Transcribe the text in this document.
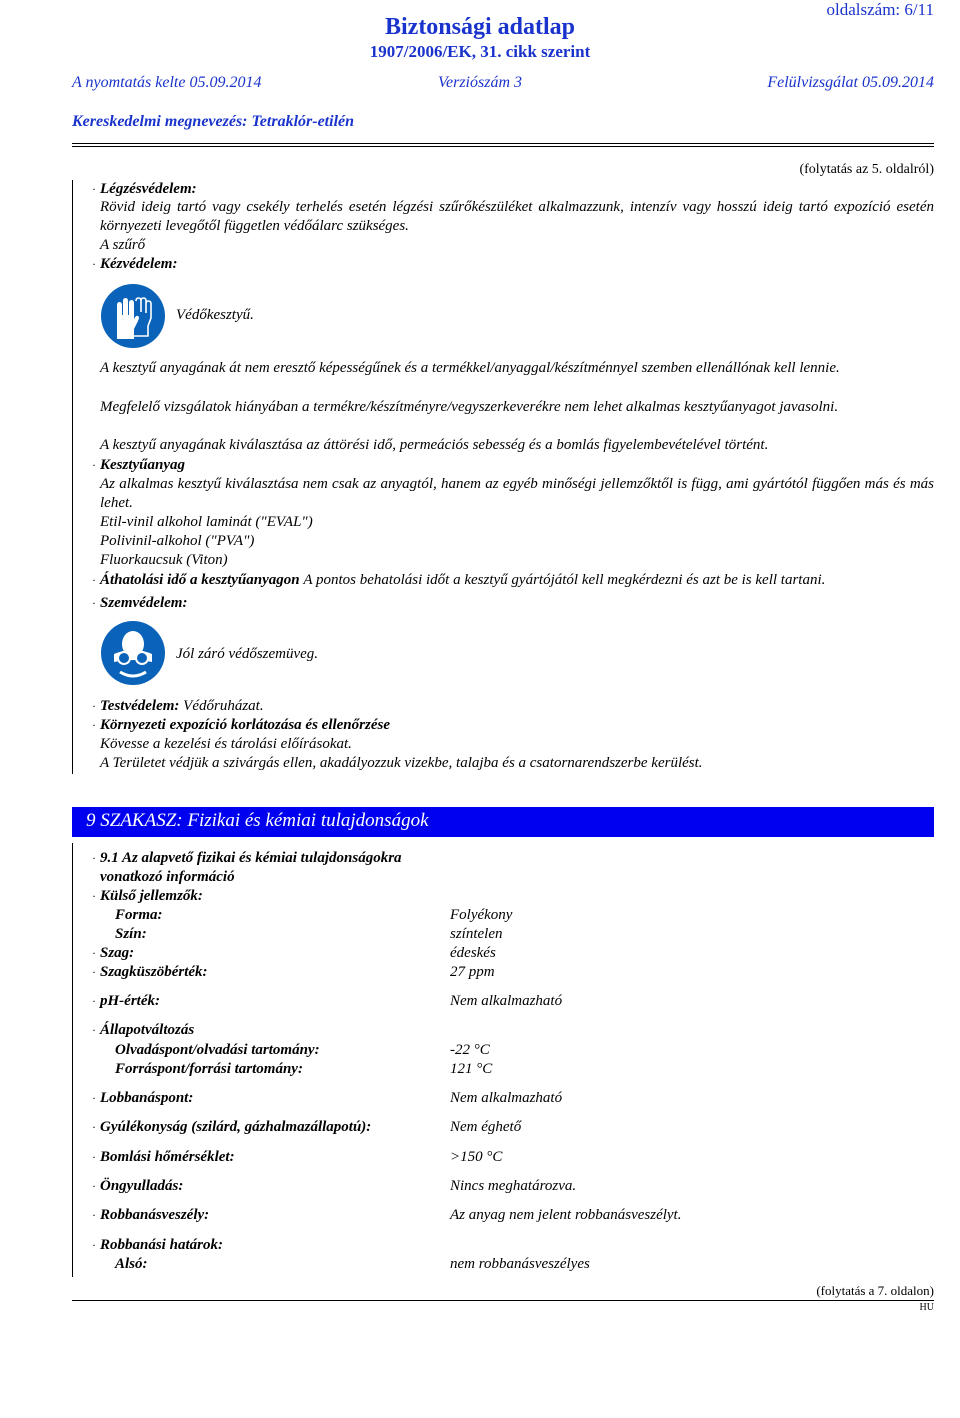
oldalszám: 6/11
Biztonsági adatlap
1907/2006/EK, 31. cikk szerint
A nyomtatás kelte 05.09.2014	Verziószám 3	Felülvizsgálat 05.09.2014
Kereskedelmi megnevezés: Tetraklór-etilén
(folytatás az 5. oldalról)
· Légzésvédelem:
Rövid ideig tartó vagy csekély terhelés esetén légzési szűrőkészüléket alkalmazzunk, intenzív vagy hosszú ideig tartó expozíció esetén környezeti levegőtől független védőálarc szükséges.
A szűrő
· Kézvédelem:
Védőkesztyű.
A kesztyű anyagának át nem eresztő képességűnek és a termékkel/anyaggal/készítménnyel szemben ellenállónak kell lennie.
Megfelelő vizsgálatok hiányában a termékre/készítményre/vegyszerkeverékre nem lehet alkalmas kesztyűanyagot javasolni.
A kesztyű anyagának kiválasztása az áttörési idő, permeációs sebesség és a bomlás figyelembevételével történt.
· Kesztyűanyag
Az alkalmas kesztyű kiválasztása nem csak az anyagtól, hanem az egyéb minőségi jellemzőktől is függ, ami gyártótól függően más és más lehet.
Etil-vinil alkohol laminát ("EVAL")
Polivinil-alkohol ("PVA")
Fluorkaucsuk (Viton)
· Áthatolási idő a kesztyűanyagon A pontos behatolási időt a kesztyű gyártójától kell megkérdezni és azt be is kell tartani.
· Szemvédelem:
Jól záró védőszemüveg.
· Testvédelem: Védőruházat.
· Környezeti expozíció korlátozása és ellenőrzése
Kövesse a kezelési és tárolási előírásokat.
A Területet védjük a szivárgás ellen, akadályozzuk vizekbe, talajba és a csatornarendszerbe kerülést.
9 SZAKASZ: Fizikai és kémiai tulajdonságok
· 9.1 Az alapvető fizikai és kémiai tulajdonságokra
vonatkozó információ
· Külső jellemzők:
Forma:	Folyékony
Szín:	színtelen
· Szag:	édeskés
· Szagküszöbérték:	27 ppm
· pH-érték:	Nem alkalmazható
· Állapotváltozás
Olvadáspont/olvadási tartomány:	-22 °C
Forráspont/forrási tartomány:	121 °C
· Lobbanáspont:	Nem alkalmazható
· Gyúlékonyság (szilárd, gázhalmazállapotú):	Nem éghető
· Bomlási hőmérséklet:	>150 °C
· Öngyulladás:	Nincs meghatározva.
· Robbanásveszély:	Az anyag nem jelent robbanásveszélyt.
· Robbanási határok:
Alsó:	nem robbanásveszélyes
(folytatás a 7. oldalon)
HU
